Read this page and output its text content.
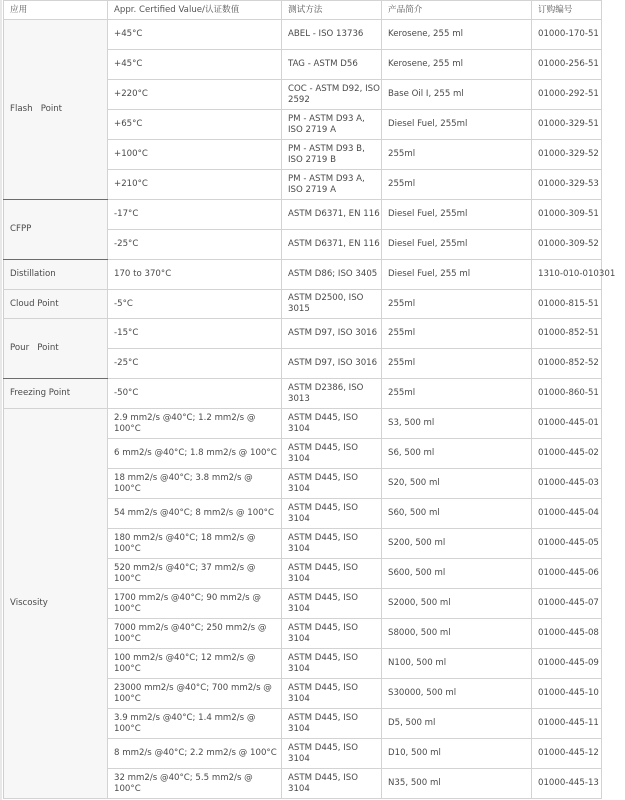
应用	Appr. Certified Value/认证数值	测试方法	产品简介	订购编号
Flash   Point	+45°C	ABEL - ISO 13736	Kerosene, 255 ml	01000-170-51
	+45°C	TAG - ASTM D56	Kerosene, 255 ml	01000-256-51
	+220°C	COC - ASTM D92, ISO 2592	Base Oil I, 255 ml	01000-292-51
	+65°C	PM - ASTM D93 A, ISO 2719 A	Diesel Fuel, 255ml	01000-329-51
	+100°C	PM - ASTM D93 B, ISO 2719 B	255ml	01000-329-52
	+210°C	PM - ASTM D93 A, ISO 2719 A	255ml	01000-329-53
CFPP	-17°C	ASTM D6371, EN 116	Diesel Fuel, 255ml	01000-309-51
	-25°C	ASTM D6371, EN 116	Diesel Fuel, 255ml	01000-309-52
Distillation	170 to 370°C	ASTM D86; ISO 3405	Diesel Fuel, 255 ml	1310-010-010301
Cloud Point	-5°C	ASTM D2500, ISO 3015	255ml	01000-815-51
Pour   Point	-15°C	ASTM D97, ISO 3016	255ml	01000-852-51
	-25°C	ASTM D97, ISO 3016	255ml	01000-852-52
Freezing Point	-50°C	ASTM D2386, ISO 3013	255ml	01000-860-51
Viscosity	2.9 mm2/s @40°C; 1.2 mm2/s @ 100°C	ASTM D445, ISO 3104	S3, 500 ml	01000-445-01
	6 mm2/s @40°C; 1.8 mm2/s @ 100°C	ASTM D445, ISO 3104	S6, 500 ml	01000-445-02
	18 mm2/s @40°C; 3.8 mm2/s @ 100°C	ASTM D445, ISO 3104	S20, 500 ml	01000-445-03
	54 mm2/s @40°C; 8 mm2/s @ 100°C	ASTM D445, ISO 3104	S60, 500 ml	01000-445-04
	180 mm2/s @40°C; 18 mm2/s @ 100°C	ASTM D445, ISO 3104	S200, 500 ml	01000-445-05
	520 mm2/s @40°C; 37 mm2/s @ 100°C	ASTM D445, ISO 3104	S600, 500 ml	01000-445-06
	1700 mm2/s @40°C; 90 mm2/s @ 100°C	ASTM D445, ISO 3104	S2000, 500 ml	01000-445-07
	7000 mm2/s @40°C; 250 mm2/s @ 100°C	ASTM D445, ISO 3104	S8000, 500 ml	01000-445-08
	100 mm2/s @40°C; 12 mm2/s @ 100°C	ASTM D445, ISO 3104	N100, 500 ml	01000-445-09
	23000 mm2/s @40°C; 700 mm2/s @ 100°C	ASTM D445, ISO 3104	S30000, 500 ml	01000-445-10
	3.9 mm2/s @40°C; 1.4 mm2/s @ 100°C	ASTM D445, ISO 3104	D5, 500 ml	01000-445-11
	8 mm2/s @40°C; 2.2 mm2/s @ 100°C	ASTM D445, ISO 3104	D10, 500 ml	01000-445-12
	32 mm2/s @40°C; 5.5 mm2/s @ 100°C	ASTM D445, ISO 3104	N35, 500 ml	01000-445-13
